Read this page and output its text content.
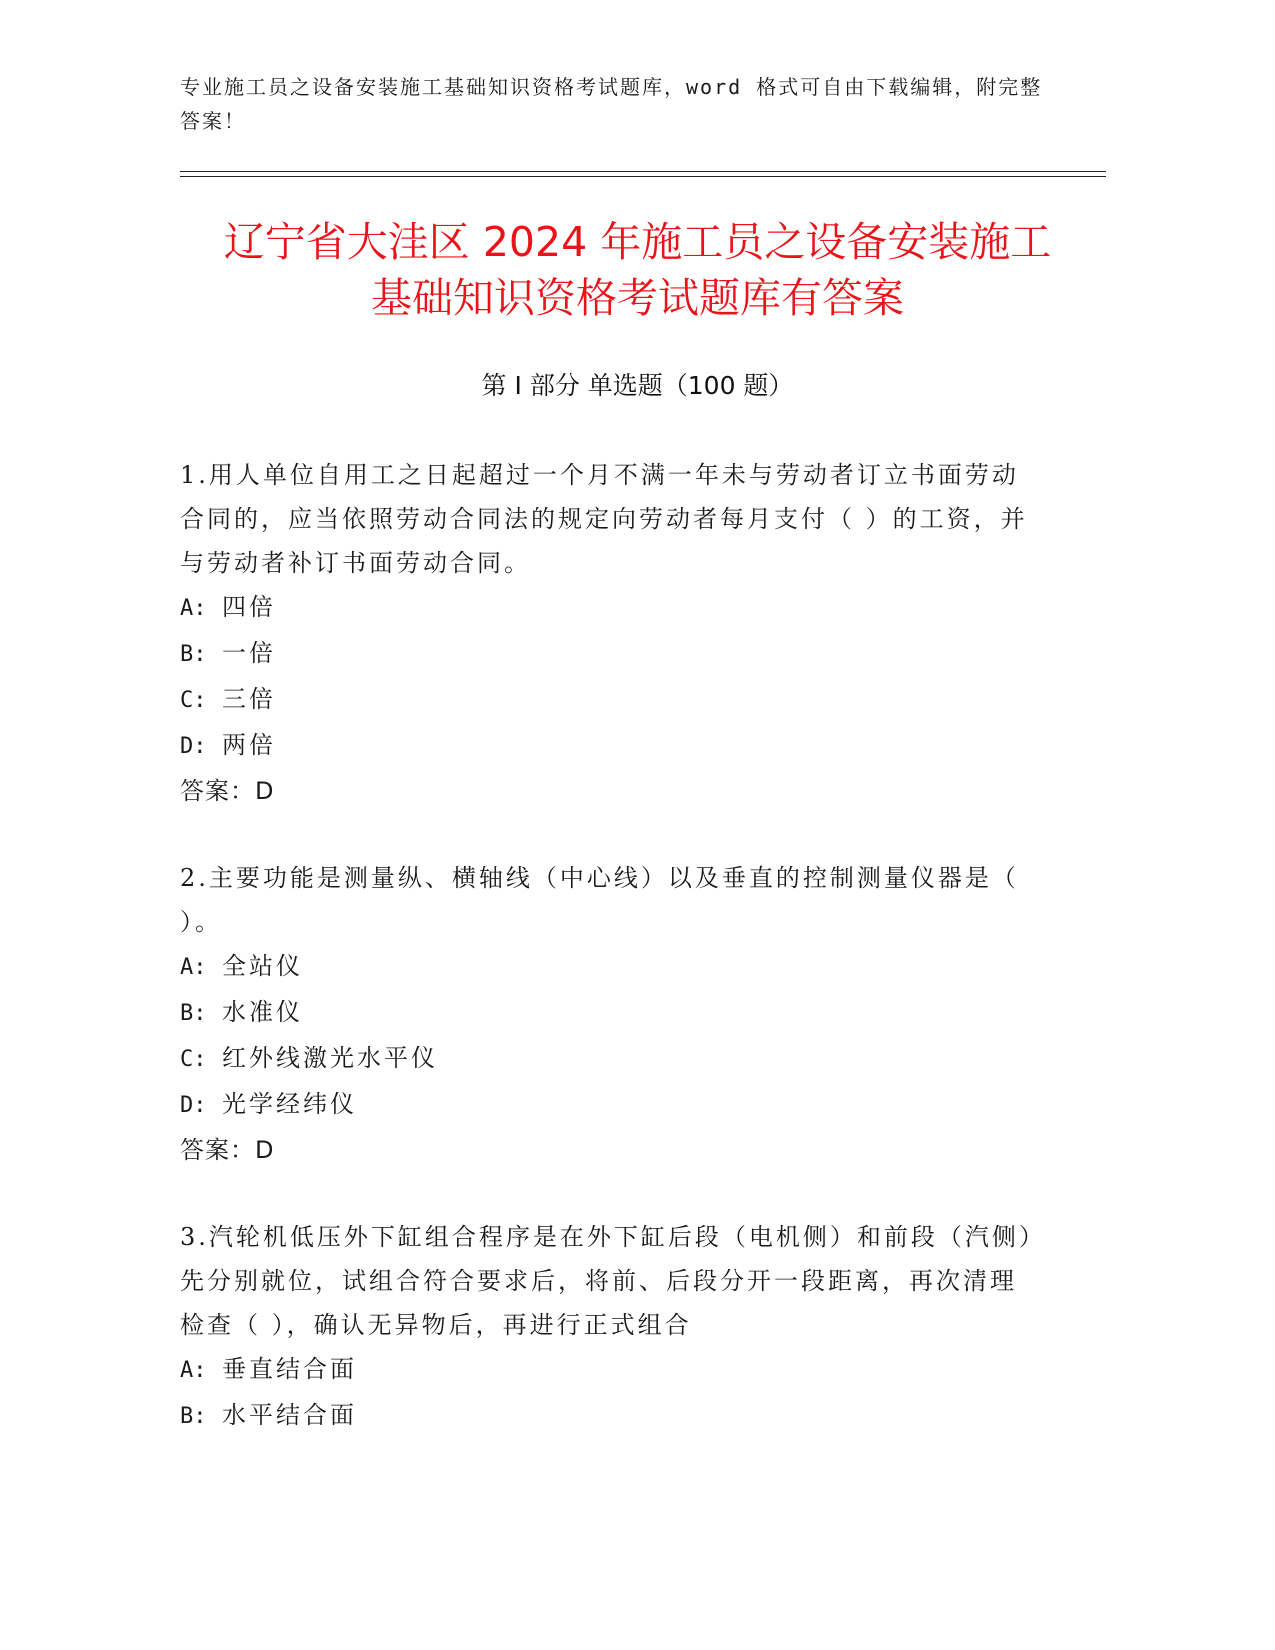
专业施工员之设备安装施工基础知识资格考试题库，word 格式可自由下载编辑，附完整答案！
辽宁省大洼区 2024 年施工员之设备安装施工
基础知识资格考试题库有答案
第 I 部分 单选题（100 题）
1.用人单位自用工之日起超过一个月不满一年未与劳动者订立书面劳动合同的，应当依照劳动合同法的规定向劳动者每月支付（ ）的工资，并与劳动者补订书面劳动合同。
A: 四倍
B: 一倍
C: 三倍
D: 两倍
答案：D
2.主要功能是测量纵、横轴线（中心线）以及垂直的控制测量仪器是（ ）。
A: 全站仪
B: 水准仪
C: 红外线激光水平仪
D: 光学经纬仪
答案：D
3.汽轮机低压外下缸组合程序是在外下缸后段（电机侧）和前段（汽侧）先分别就位，试组合符合要求后，将前、后段分开一段距离，再次清理检查（ ），确认无异物后，再进行正式组合
A: 垂直结合面
B: 水平结合面
